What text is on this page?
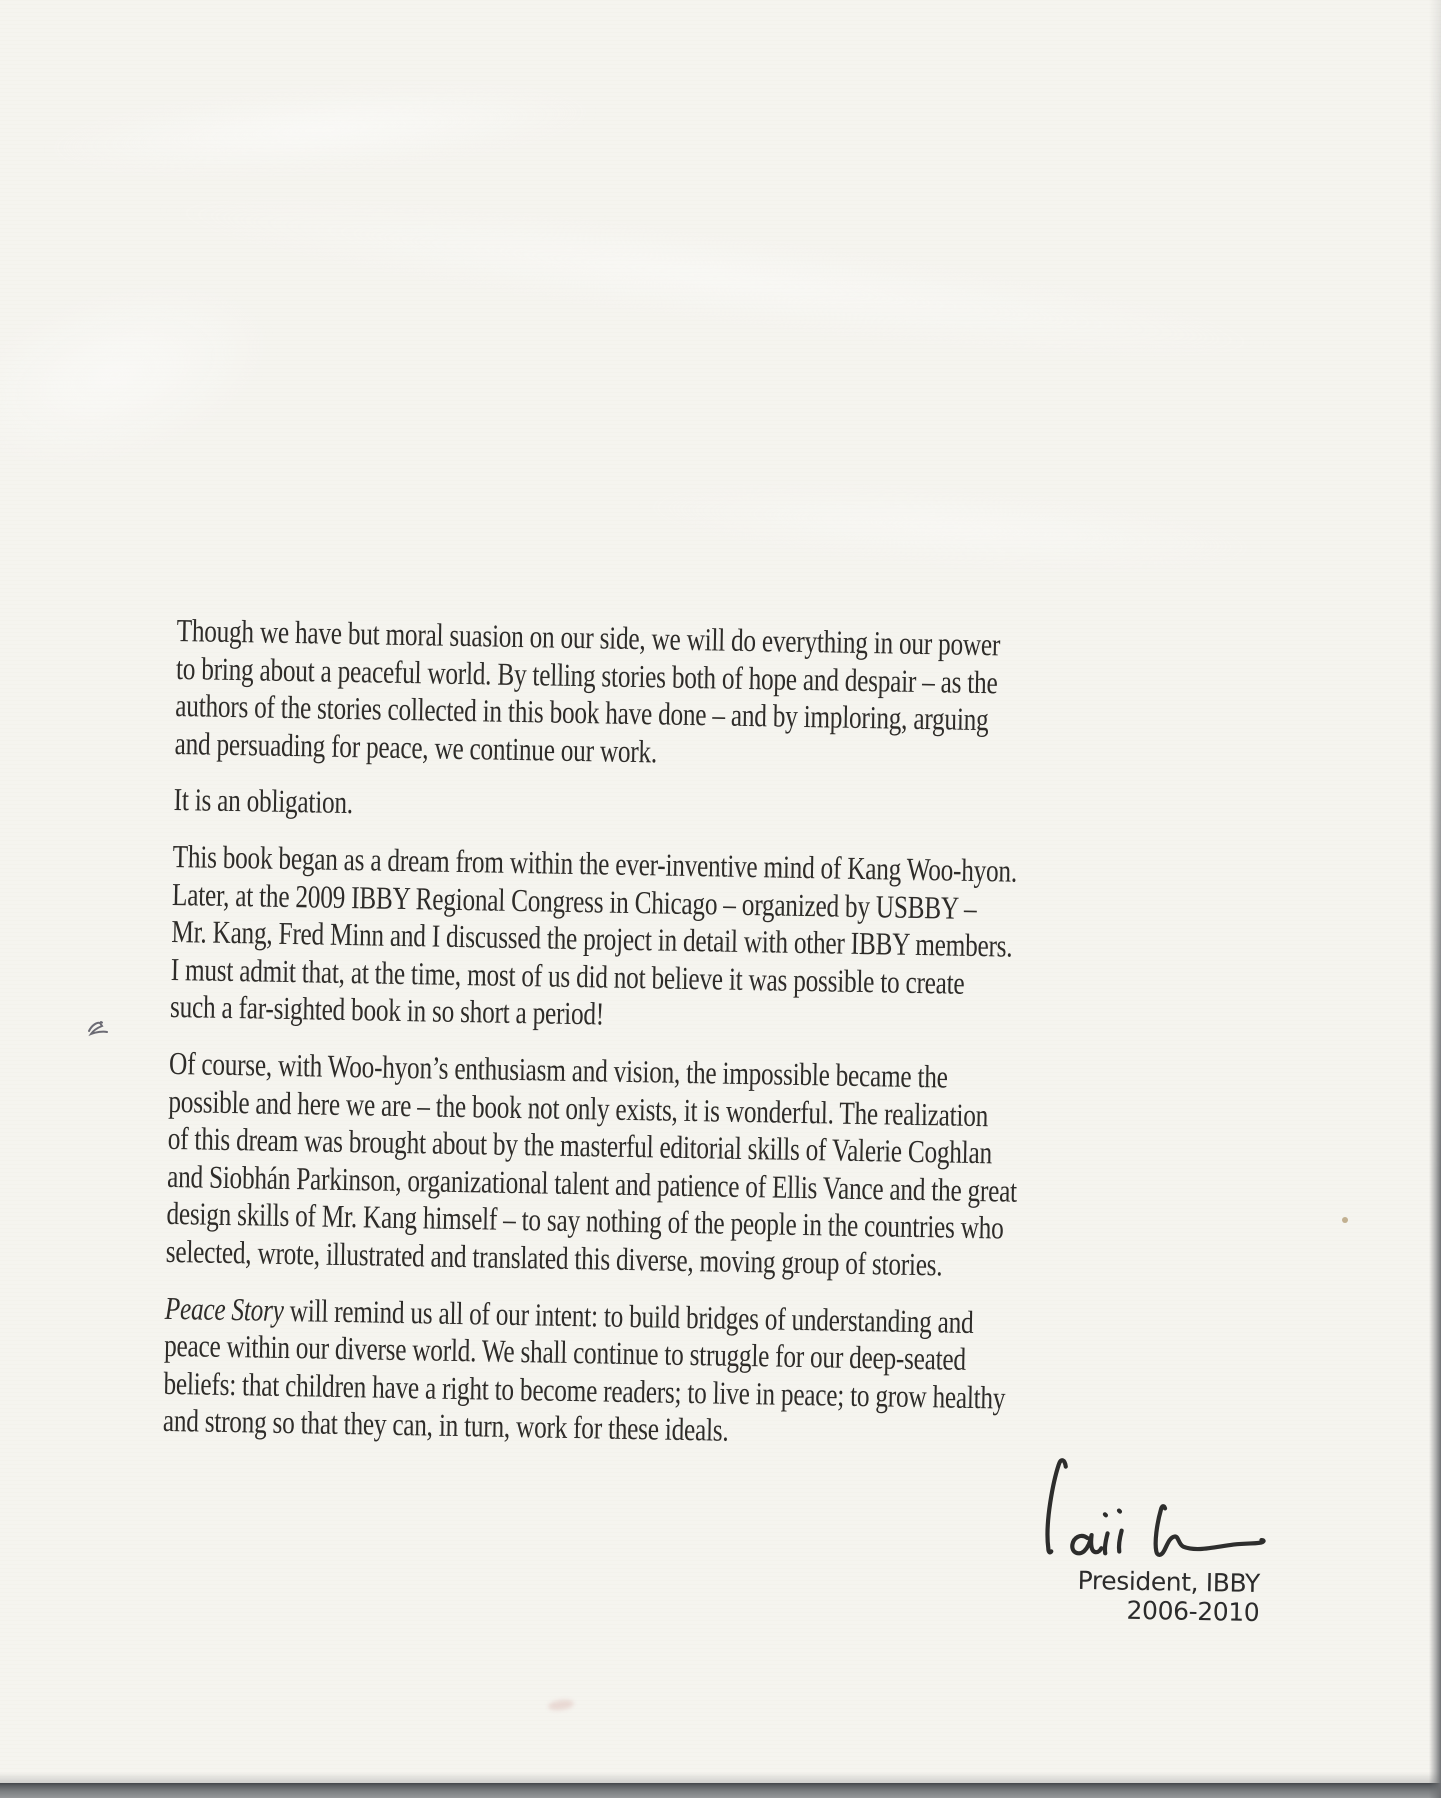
Though we have but moral suasion on our side, we will do everything in our power
to bring about a peaceful world. By telling stories both of hope and despair – as the
authors of the stories collected in this book have done – and by imploring, arguing
and persuading for peace, we continue our work.
It is an obligation.
This book began as a dream from within the ever-inventive mind of Kang Woo-hyon.
Later, at the 2009 IBBY Regional Congress in Chicago – organized by USBBY –
Mr. Kang, Fred Minn and I discussed the project in detail with other IBBY members.
I must admit that, at the time, most of us did not believe it was possible to create
such a far-sighted book in so short a period!
Of course, with Woo-hyon’s enthusiasm and vision, the impossible became the
possible and here we are – the book not only exists, it is wonderful. The realization
of this dream was brought about by the masterful editorial skills of Valerie Coghlan
and Siobhán Parkinson, organizational talent and patience of Ellis Vance and the great
design skills of Mr. Kang himself – to say nothing of the people in the countries who
selected, wrote, illustrated and translated this diverse, moving group of stories.
Peace Story will remind us all of our intent: to build bridges of understanding and
peace within our diverse world. We shall continue to struggle for our deep-seated
beliefs: that children have a right to become readers; to live in peace; to grow healthy
and strong so that they can, in turn, work for these ideals.
President, IBBY
2006-2010
